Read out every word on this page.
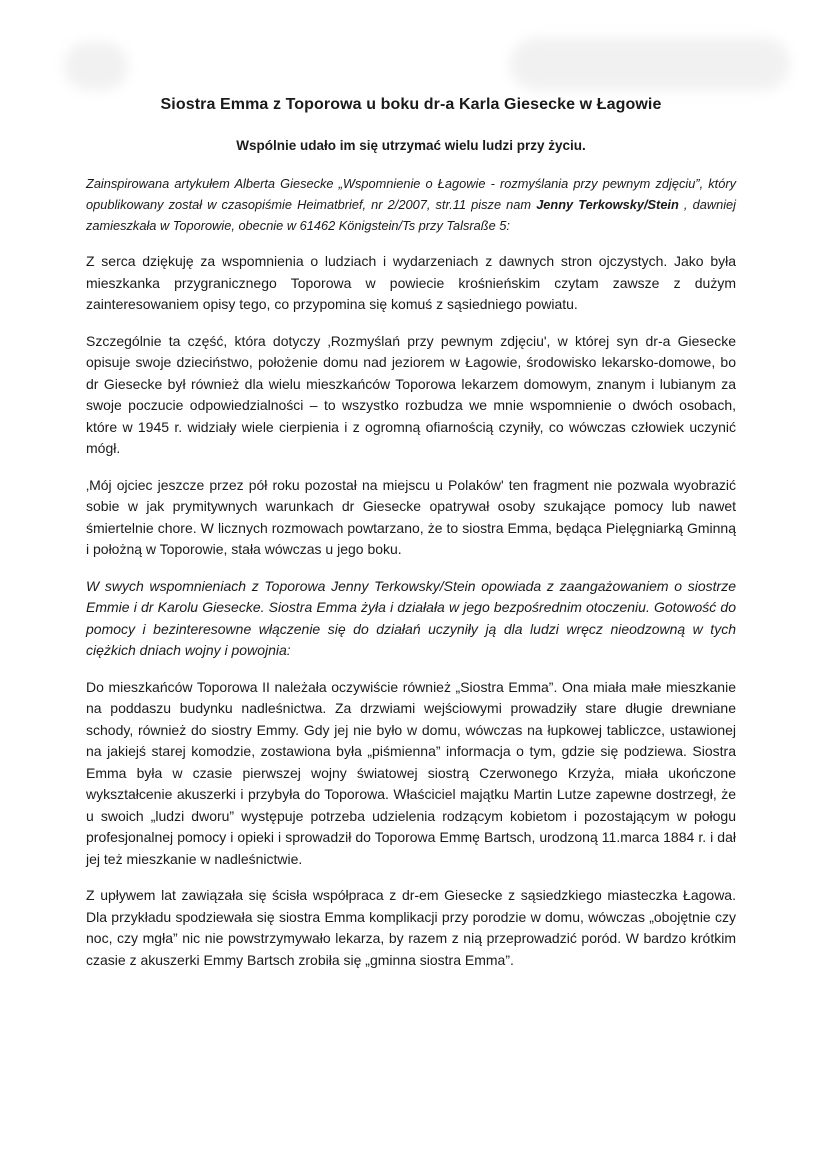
Siostra Emma z Toporowa u boku dr-a Karla Giesecke w Łagowie
Wspólnie udało im się utrzymać wielu ludzi przy życiu.

Zainspirowana artykułem Alberta Giesecke „Wspomnienie o Łagowie - rozmyślania przy pewnym zdjęciu”, który opublikowany został w czasopiśmie Heimatbrief, nr 2/2007, str.11 pisze nam Jenny Terkowsky/Stein , dawniej zamieszkała w Toporowie, obecnie w 61462 Königstein/Ts przy Talsraße 5:

Z serca dziękuję za wspomnienia o ludziach i wydarzeniach z dawnych stron ojczystych. Jako była mieszkanka przygranicznego Toporowa w powiecie krośnieńskim czytam zawsze z dużym zainteresowaniem opisy tego, co przypomina się komuś z sąsiedniego powiatu.

Szczególnie ta część, która dotyczy ‚Rozmyślań przy pewnym zdjęciu', w której syn dr-a Giesecke opisuje swoje dzieciństwo, położenie domu nad jeziorem w Łagowie, środowisko lekarsko-domowe, bo dr Giesecke był również dla wielu mieszkańców Toporowa lekarzem domowym, znanym i lubianym za swoje poczucie odpowiedzialności – to wszystko rozbudza we mnie wspomnienie o dwóch osobach, które w 1945 r. widziały wiele cierpienia i z ogromną ofiarnością czyniły, co wówczas człowiek uczynić mógł.

‚Mój ojciec jeszcze przez pół roku pozostał na miejscu u Polaków' ten fragment nie pozwala wyobrazić sobie w jak prymitywnych warunkach dr Giesecke opatrywał osoby szukające pomocy lub nawet śmiertelnie chore. W licznych rozmowach powtarzano, że to siostra Emma, będąca Pielęgniarką Gminną i położną w Toporowie, stała wówczas u jego boku.

W swych wspomnieniach z Toporowa Jenny Terkowsky/Stein opowiada z zaangażowaniem o siostrze Emmie i dr Karolu Giesecke. Siostra Emma żyła i działała w jego bezpośrednim otoczeniu. Gotowość do pomocy i bezinteresowne włączenie się do działań uczyniły ją dla ludzi wręcz nieodzowną w tych ciężkich dniach wojny i powojnia:

Do mieszkańców Toporowa II należała oczywiście również „Siostra Emma”. Ona miała małe mieszkanie na poddaszu budynku nadleśnictwa. Za drzwiami wejściowymi prowadziły stare długie drewniane schody, również do siostry Emmy. Gdy jej nie było w domu, wówczas na łupkowej tabliczce, ustawionej na jakiejś starej komodzie, zostawiona była „piśmienna” informacja o tym, gdzie się podziewa. Siostra Emma była w czasie pierwszej wojny światowej siostrą Czerwonego Krzyża, miała ukończone wykształcenie akuszerki i przybyła do Toporowa. Właściciel majątku Martin Lutze zapewne dostrzegł, że u swoich „ludzi dworu” występuje potrzeba udzielenia rodzącym kobietom i pozostającym w połogu profesjonalnej pomocy i opieki i sprowadził do Toporowa Emmę Bartsch, urodzoną 11.marca 1884 r. i dał jej też mieszkanie w nadleśnictwie.

Z upływem lat zawiązała się ścisła współpraca z dr-em Giesecke z sąsiedzkiego miasteczka Łagowa. Dla przykładu spodziewała się siostra Emma komplikacji przy porodzie w domu, wówczas „obojętnie czy noc, czy mgła” nic nie powstrzymywało lekarza, by razem z nią przeprowadzić poród. W bardzo krótkim czasie z akuszerki Emmy Bartsch zrobiła się „gminna siostra Emma”.
